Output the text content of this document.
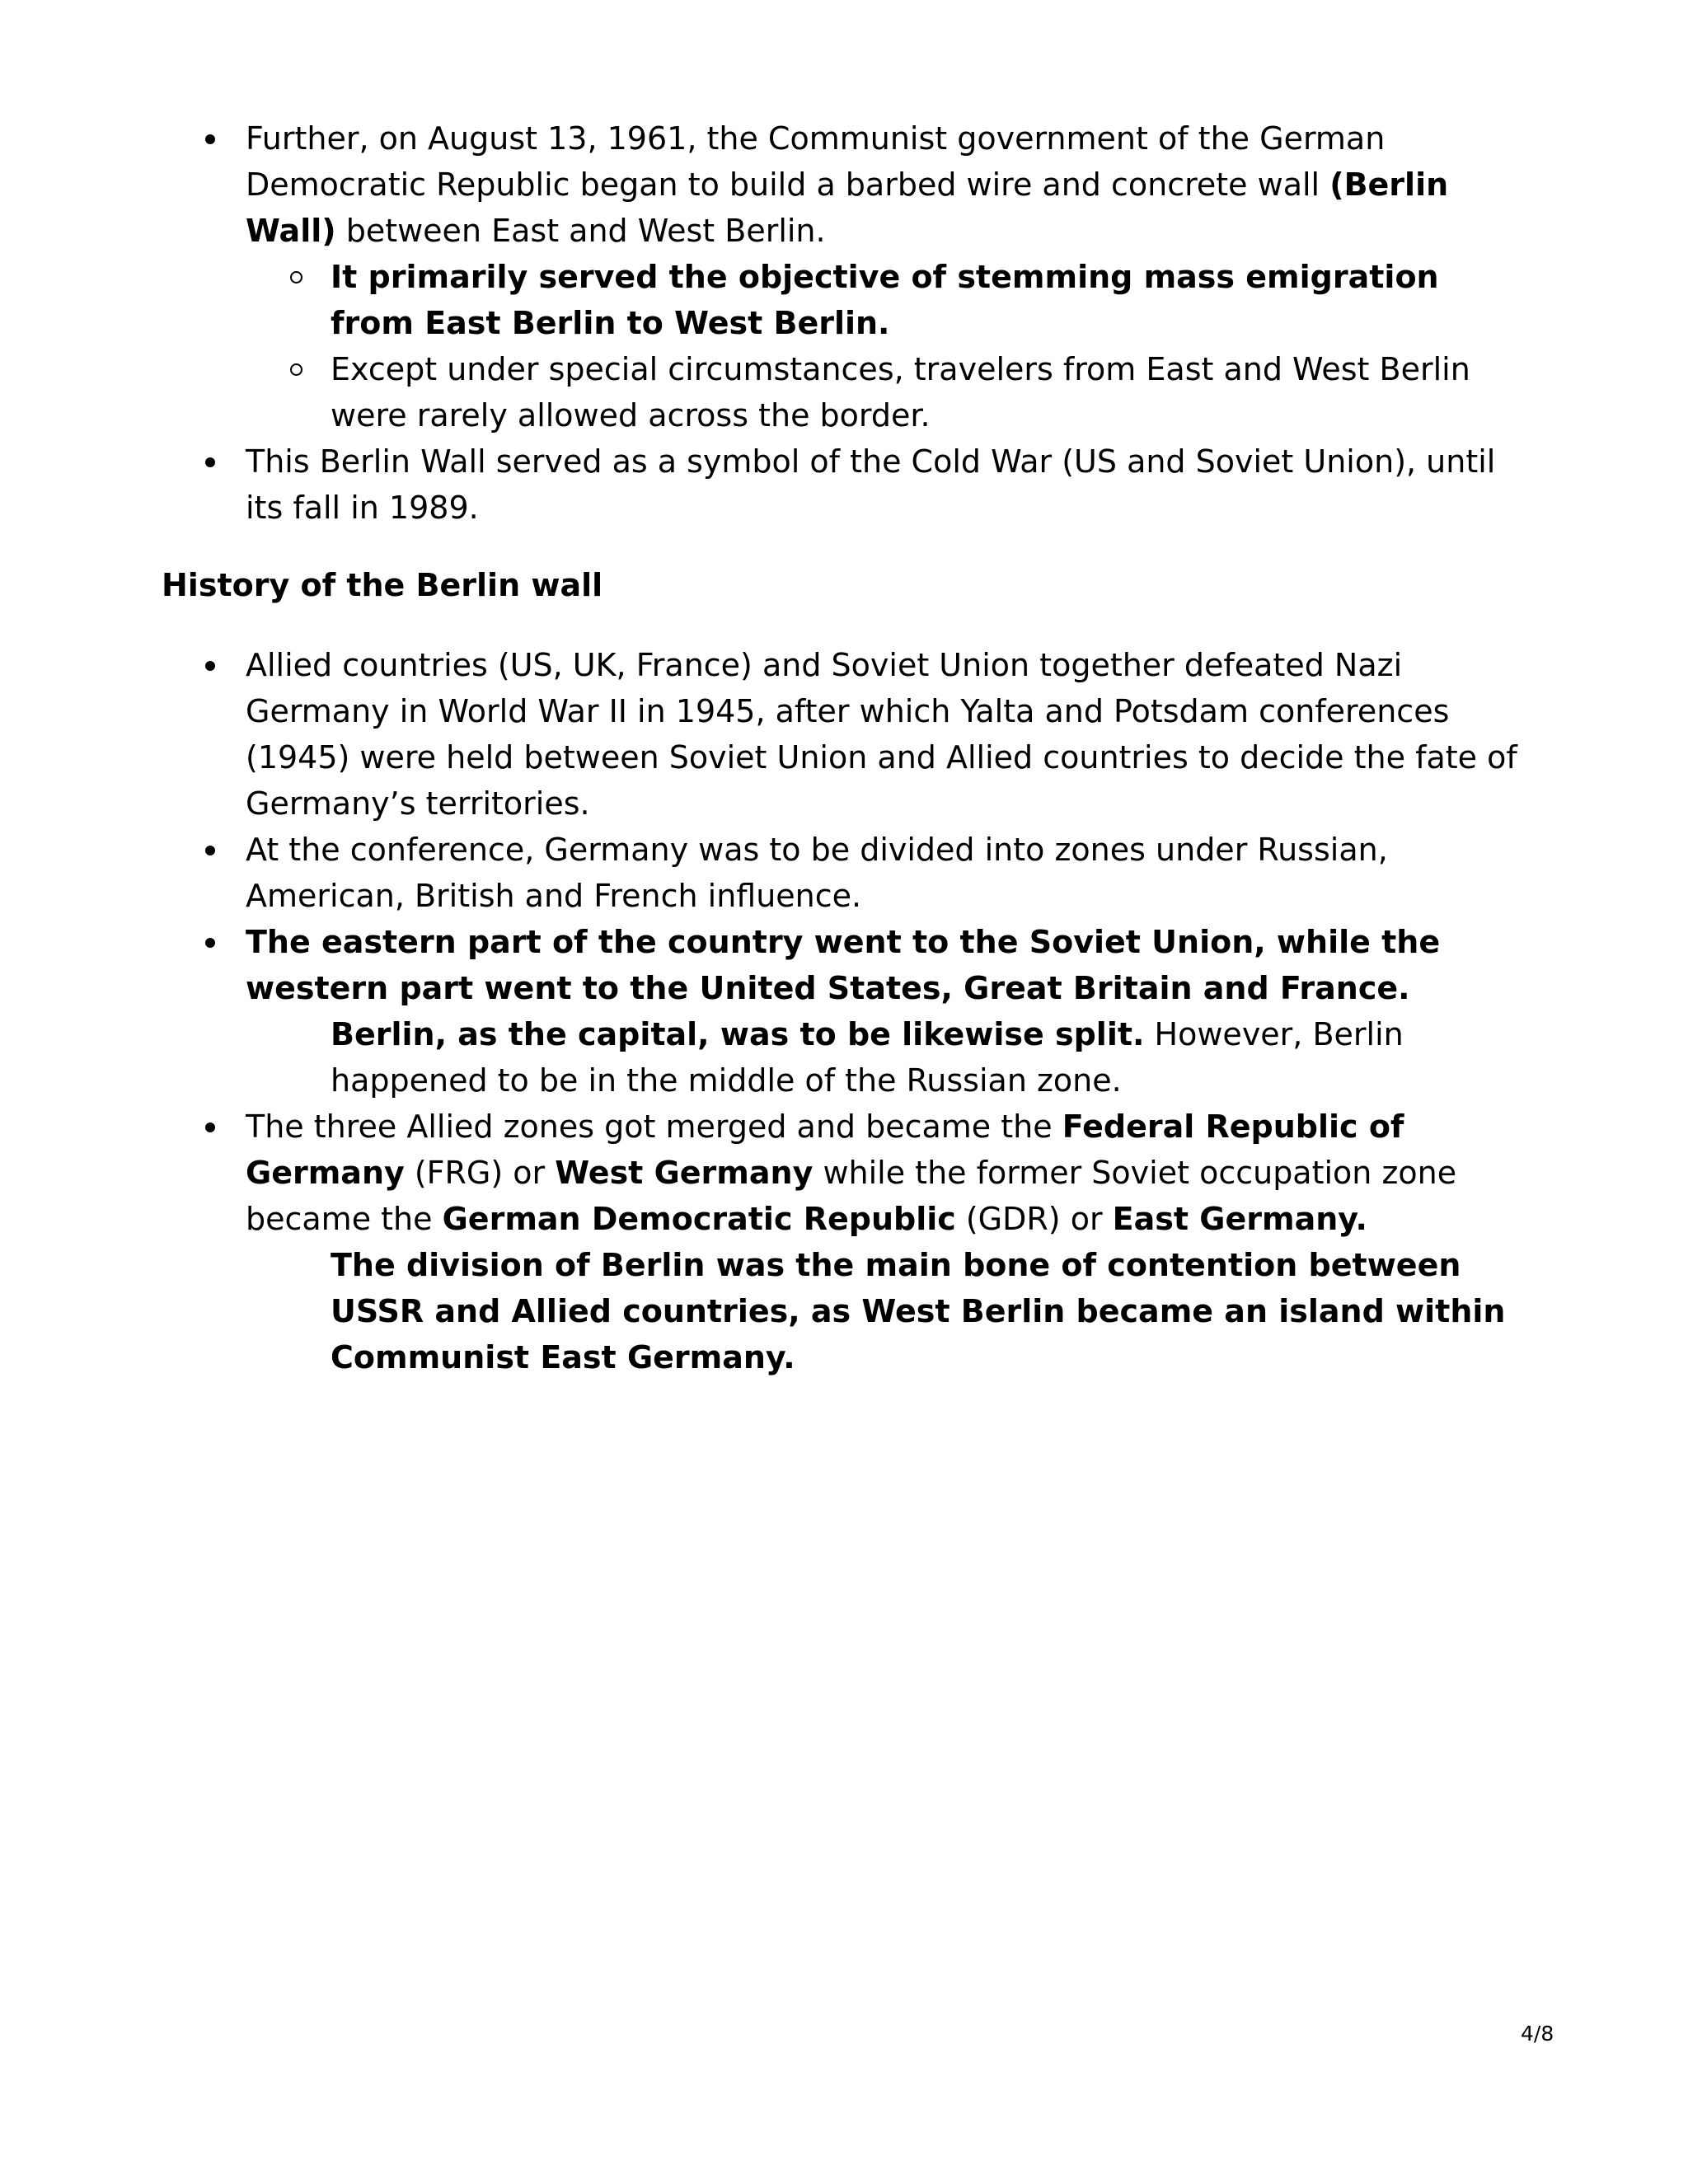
Further, on August 13, 1961, the Communist government of the German Democratic Republic began to build a barbed wire and concrete wall (Berlin Wall) between East and West Berlin.

It primarily served the objective of stemming mass emigration from East Berlin to West Berlin.

Except under special circumstances, travelers from East and West Berlin were rarely allowed across the border.

This Berlin Wall served as a symbol of the Cold War (US and Soviet Union), until its fall in 1989.

History of the Berlin wall

Allied countries (US, UK, France) and Soviet Union together defeated Nazi Germany in World War II in 1945, after which Yalta and Potsdam conferences (1945) were held between Soviet Union and Allied countries to decide the fate of Germany’s territories.

At the conference, Germany was to be divided into zones under Russian, American, British and French influence.

The eastern part of the country went to the Soviet Union, while the western part went to the United States, Great Britain and France.

Berlin, as the capital, was to be likewise split. However, Berlin happened to be in the middle of the Russian zone.

The three Allied zones got merged and became the Federal Republic of Germany (FRG) or West Germany while the former Soviet occupation zone became the German Democratic Republic (GDR) or East Germany.

The division of Berlin was the main bone of contention between USSR and Allied countries, as West Berlin became an island within Communist East Germany.

4/8
